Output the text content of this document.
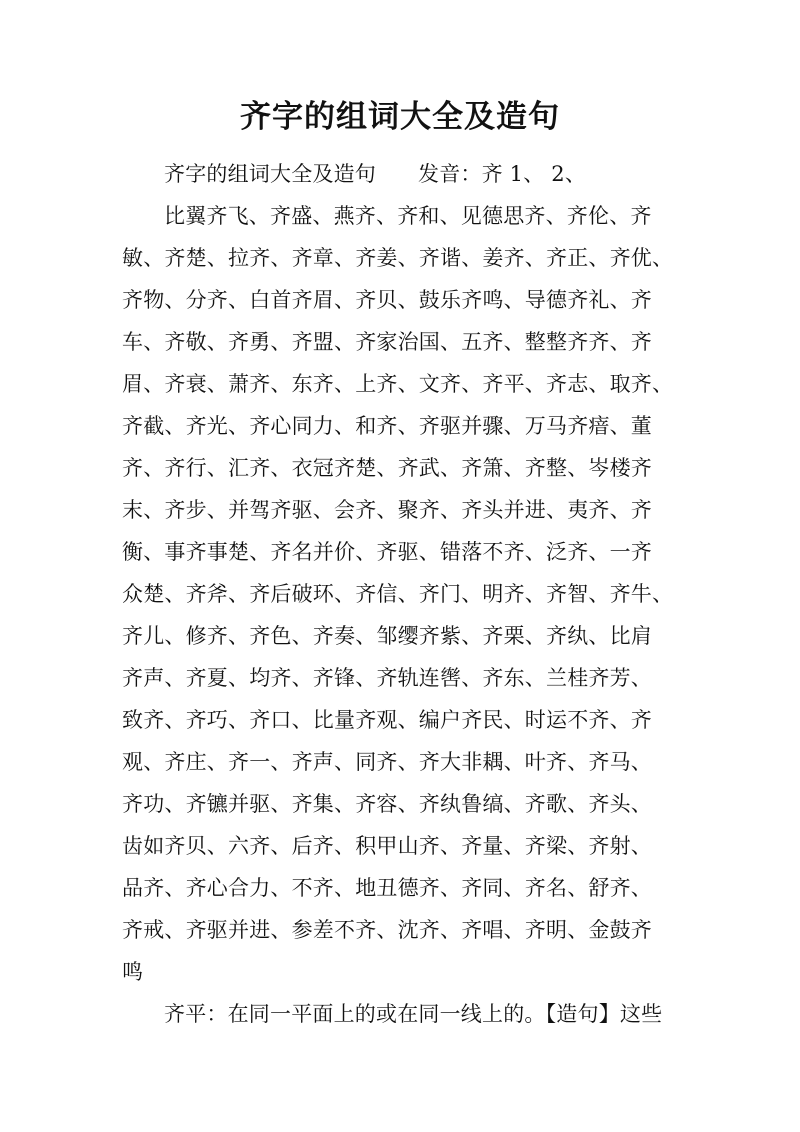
齐字的组词大全及造句
齐字的组词大全及造句 发音：齐 1、 2、
比翼齐飞、齐盛、燕齐、齐和、见德思齐、齐伦、齐
敏、齐楚、拉齐、齐章、齐姜、齐谐、姜齐、齐正、齐优、
齐物、分齐、白首齐眉、齐贝、鼓乐齐鸣、导德齐礼、齐
车、齐敬、齐勇、齐盟、齐家治国、五齐、整整齐齐、齐
眉、齐衰、萧齐、东齐、上齐、文齐、齐平、齐志、取齐、
齐截、齐光、齐心同力、和齐、齐驱并骤、万马齐瘖、董
齐、齐行、汇齐、衣冠齐楚、齐武、齐箫、齐整、岑楼齐
末、齐步、并驾齐驱、会齐、聚齐、齐头并进、夷齐、齐
衡、事齐事楚、齐名并价、齐驱、错落不齐、泛齐、一齐
众楚、齐斧、齐后破环、齐信、齐门、明齐、齐智、齐牛、
齐儿、修齐、齐色、齐奏、邹缨齐紫、齐栗、齐纨、比肩
齐声、齐夏、均齐、齐锋、齐轨连辔、齐东、兰桂齐芳、
致齐、齐巧、齐口、比量齐观、编户齐民、时运不齐、齐
观、齐庄、齐一、齐声、同齐、齐大非耦、叶齐、齐马、
齐功、齐镳并驱、齐集、齐容、齐纨鲁缟、齐歌、齐头、
齿如齐贝、六齐、后齐、积甲山齐、齐量、齐梁、齐射、
品齐、齐心合力、不齐、地丑德齐、齐同、齐名、舒齐、
齐戒、齐驱并进、参差不齐、沈齐、齐唱、齐明、金鼓齐
鸣
齐平：在同一平面上的或在同一线上的。【造句】这些
